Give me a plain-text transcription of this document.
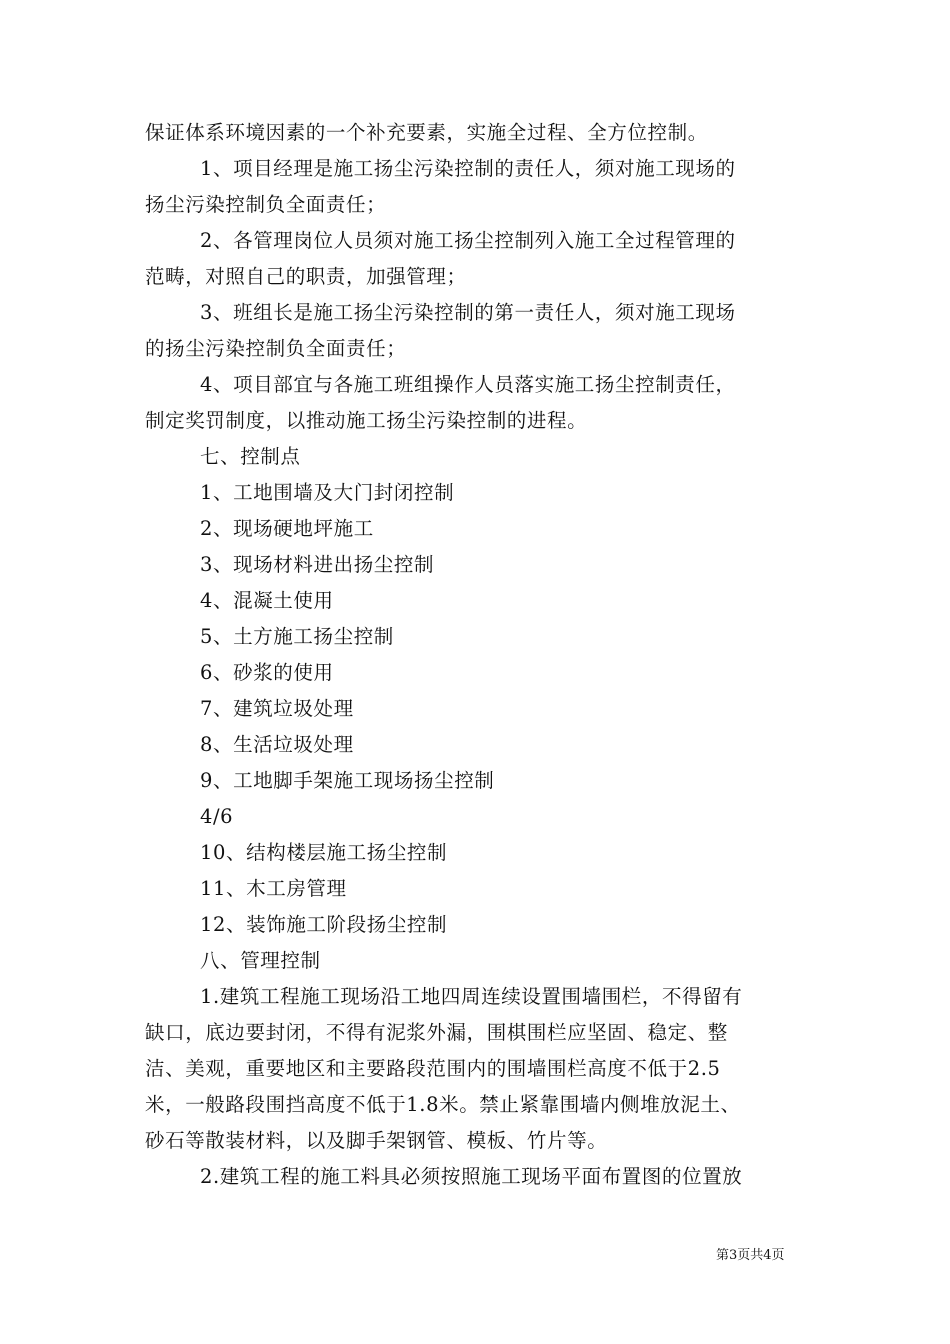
保证体系环境因素的一个补充要素，实施全过程、全方位控制。
1、项目经理是施工扬尘污染控制的责任人，须对施工现场的
扬尘污染控制负全面责任；
2、各管理岗位人员须对施工扬尘控制列入施工全过程管理的
范畴，对照自己的职责，加强管理；
3、班组长是施工扬尘污染控制的第一责任人，须对施工现场
的扬尘污染控制负全面责任；
4、项目部宜与各施工班组操作人员落实施工扬尘控制责任，
制定奖罚制度，以推动施工扬尘污染控制的进程。
七、控制点
1、工地围墙及大门封闭控制
2、现场硬地坪施工
3、现场材料进出扬尘控制
4、混凝土使用
5、土方施工扬尘控制
6、砂浆的使用
7、建筑垃圾处理
8、生活垃圾处理
9、工地脚手架施工现场扬尘控制
4/6
10、结构楼层施工扬尘控制
11、木工房管理
12、装饰施工阶段扬尘控制
八、管理控制
1.建筑工程施工现场沿工地四周连续设置围墙围栏，不得留有
缺口，底边要封闭，不得有泥浆外漏，围棋围栏应坚固、稳定、整
洁、美观，重要地区和主要路段范围内的围墙围栏高度不低于2.5
米，一般路段围挡高度不低于1.8米。禁止紧靠围墙内侧堆放泥土、
砂石等散装材料，以及脚手架钢管、模板、竹片等。
2.建筑工程的施工料具必须按照施工现场平面布置图的位置放
第3页共4页
